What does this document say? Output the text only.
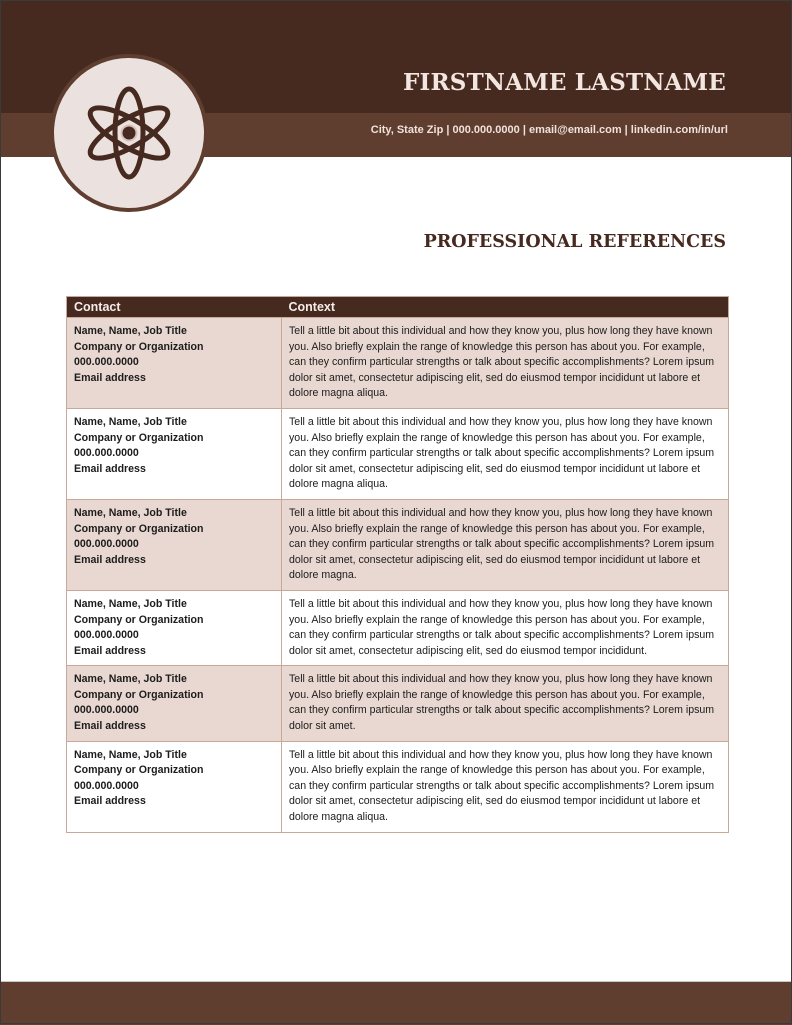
FIRSTNAME LASTNAME
City, State Zip | 000.000.0000 | email@email.com | linkedin.com/in/url
PROFESSIONAL REFERENCES
Contact	Context

Name, Name, Job Title
Company or Organization
000.000.0000
Email address
	Tell a little bit about this individual and how they know you, plus how long they have known you. Also briefly explain the range of knowledge this person has about you. For example, can they confirm particular strengths or talk about specific accomplishments? Lorem ipsum dolor sit amet, consectetur adipiscing elit, sed do eiusmod tempor incididunt ut labore et dolore magna aliqua.

Name, Name, Job Title
Company or Organization
000.000.0000
Email address
	Tell a little bit about this individual and how they know you, plus how long they have known you. Also briefly explain the range of knowledge this person has about you. For example, can they confirm particular strengths or talk about specific accomplishments? Lorem ipsum dolor sit amet, consectetur adipiscing elit, sed do eiusmod tempor incididunt ut labore et dolore magna aliqua.

Name, Name, Job Title
Company or Organization
000.000.0000
Email address
	Tell a little bit about this individual and how they know you, plus how long they have known you. Also briefly explain the range of knowledge this person has about you. For example, can they confirm particular strengths or talk about specific accomplishments? Lorem ipsum dolor sit amet, consectetur adipiscing elit, sed do eiusmod tempor incididunt ut labore et dolore magna.

Name, Name, Job Title
Company or Organization
000.000.0000
Email address
	Tell a little bit about this individual and how they know you, plus how long they have known you. Also briefly explain the range of knowledge this person has about you. For example, can they confirm particular strengths or talk about specific accomplishments? Lorem ipsum dolor sit amet, consectetur adipiscing elit, sed do eiusmod tempor incididunt.

Name, Name, Job Title
Company or Organization
000.000.0000
Email address
	Tell a little bit about this individual and how they know you, plus how long they have known you. Also briefly explain the range of knowledge this person has about you. For example, can they confirm particular strengths or talk about specific accomplishments? Lorem ipsum dolor sit amet.

Name, Name, Job Title
Company or Organization
000.000.0000
Email address
	Tell a little bit about this individual and how they know you, plus how long they have known you. Also briefly explain the range of knowledge this person has about you. For example, can they confirm particular strengths or talk about specific accomplishments? Lorem ipsum dolor sit amet, consectetur adipiscing elit, sed do eiusmod tempor incididunt ut labore et dolore magna aliqua.
